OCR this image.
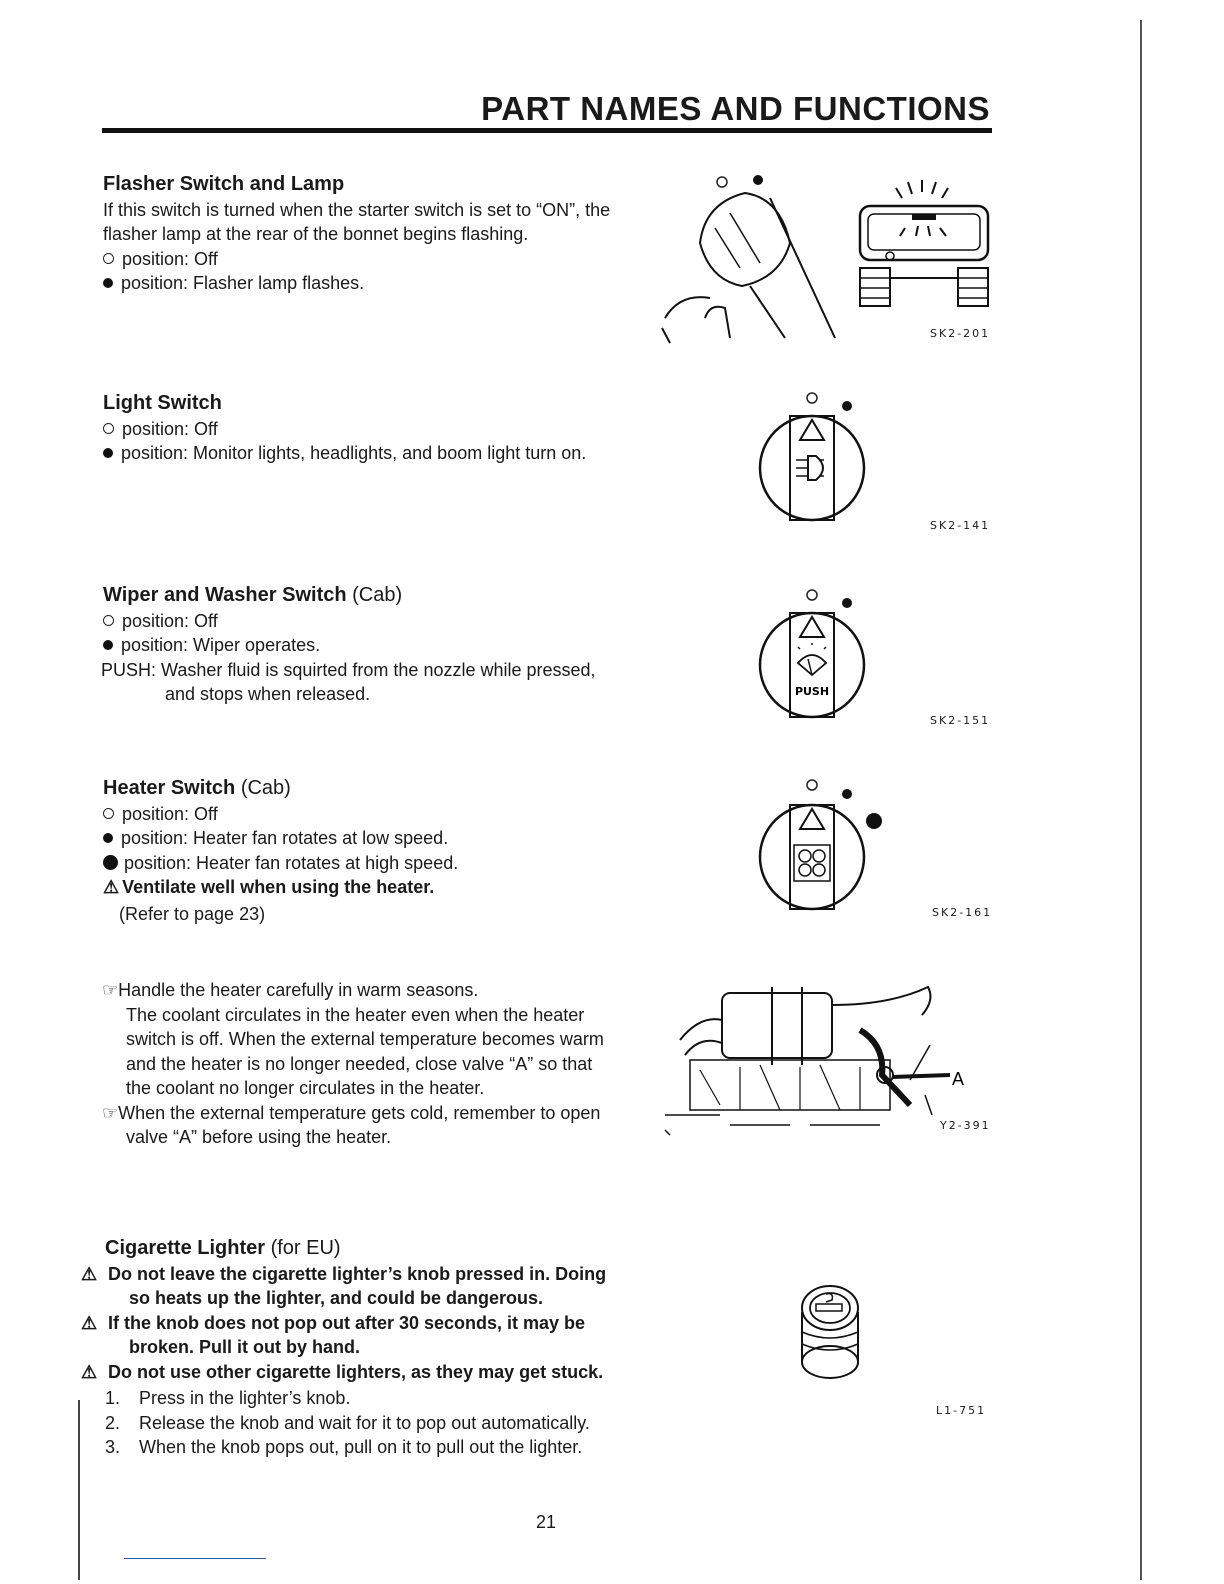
PART NAMES AND FUNCTIONS
Flasher Switch and Lamp
If this switch is turned when the starter switch is set to “ON”, the flasher lamp at the rear of the bonnet begins flashing.
position: Off
position: Flasher lamp flashes.
SK2-201
Light Switch
position: Off
position: Monitor lights, headlights, and boom light turn on.
SK2-141
Wiper and Washer Switch (Cab)
position: Off
position: Wiper operates.
PUSH: Washer fluid is squirted from the nozzle while pressed,
and stops when released.	PUSH
SK2-151
Heater Switch (Cab)
position: Off
position: Heater fan rotates at low speed.
position: Heater fan rotates at high speed.
⚠ Ventilate well when using the heater.
(Refer to page 23)	SK2-161
☞Handle the heater carefully in warm seasons.
The coolant circulates in the heater even when the heater switch is off. When the external temperature becomes warm and the heater is no longer needed, close valve “A” so that the coolant no longer circulates in the heater.
☞When the external temperature gets cold, remember to open valve “A” before using the heater.
A
Y2-391
Cigarette Lighter (for EU)
⚠ Do not leave the cigarette lighter’s knob pressed in. Doing so heats up the lighter, and could be dangerous.
⚠ If the knob does not pop out after 30 seconds, it may be broken. Pull it out by hand.
⚠ Do not use other cigarette lighters, as they may get stuck.
1. Press in the lighter’s knob.
2. Release the knob and wait for it to pop out automatically.
3. When the knob pops out, pull on it to pull out the lighter.
L1-751
21
